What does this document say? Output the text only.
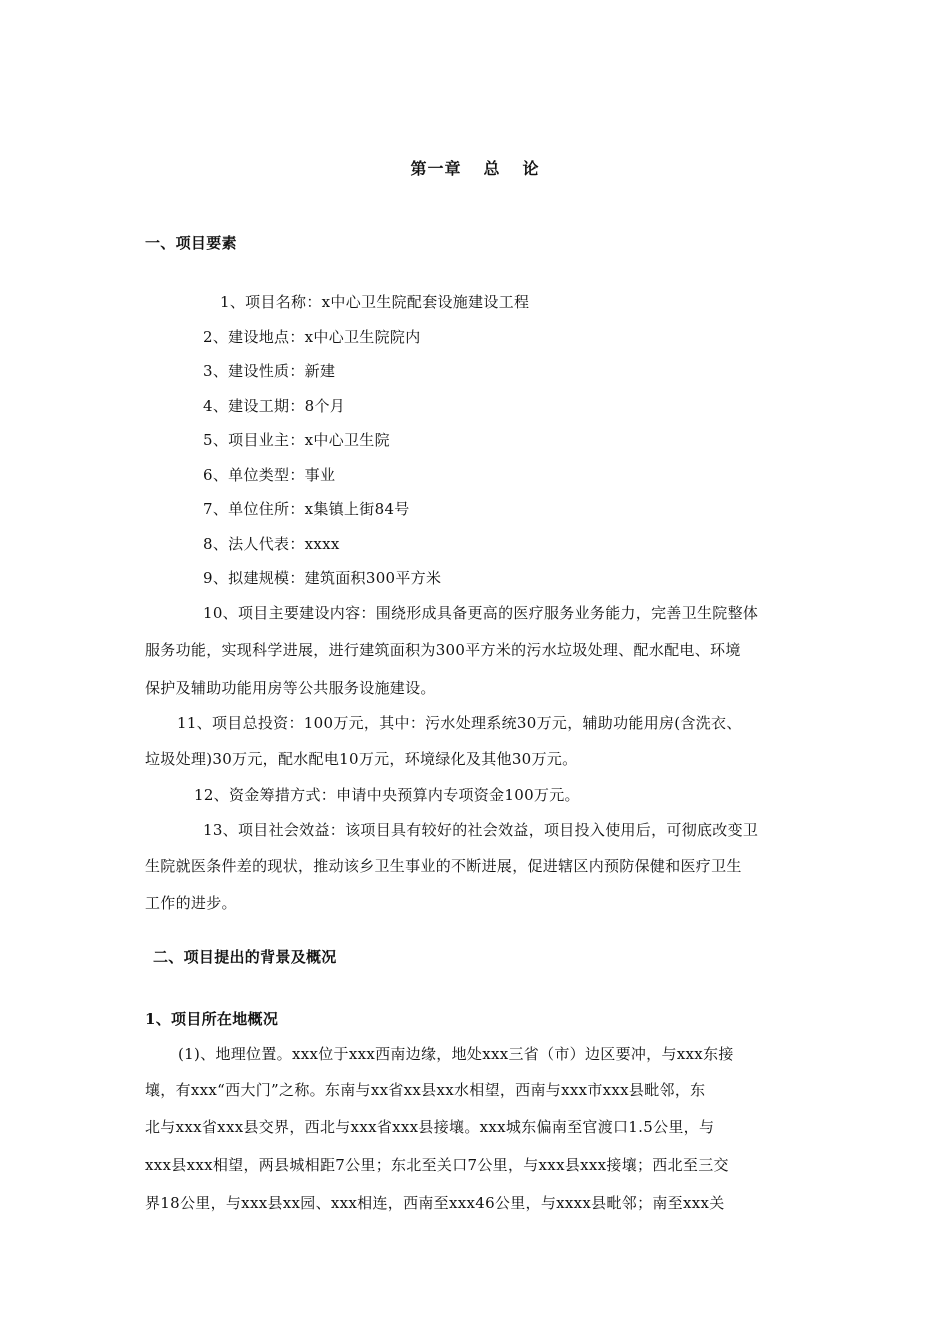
第一章 总 论
一、项目要素
1、项目名称：x中心卫生院配套设施建设工程
2、建设地点：x中心卫生院院内
3、建设性质：新建
4、建设工期：8个月
5、项目业主：x中心卫生院
6、单位类型：事业
7、单位住所：x集镇上街84号
8、法人代表：xxxx
9、拟建规模：建筑面积300平方米
10、项目主要建设内容：围绕形成具备更高的医疗服务业务能力，完善卫生院整体
服务功能，实现科学进展，进行建筑面积为300平方米的污水垃圾处理、配水配电、环境
保护及辅助功能用房等公共服务设施建设。
11、项目总投资：100万元，其中：污水处理系统30万元，辅助功能用房(含洗衣、
垃圾处理)30万元，配水配电10万元，环境绿化及其他30万元。
12、资金筹措方式：申请中央预算内专项资金100万元。
13、项目社会效益：该项目具有较好的社会效益，项目投入使用后，可彻底改变卫
生院就医条件差的现状，推动该乡卫生事业的不断进展，促进辖区内预防保健和医疗卫生
工作的进步。
二、项目提出的背景及概况
1、项目所在地概况
(1)、地理位置。xxx位于xxx西南边缘，地处xxx三省（市）边区要冲，与xxx东接
壤，有xxx“西大门”之称。东南与xx省xx县xx水相望，西南与xxx市xxx县毗邻，东
北与xxx省xxx县交界，西北与xxx省xxx县接壤。xxx城东偏南至官渡口1.5公里，与
xxx县xxx相望，两县城相距7公里；东北至关口7公里，与xxx县xxx接壤；西北至三交
界18公里，与xxx县xx园、xxx相连，西南至xxx46公里，与xxxx县毗邻；南至xxx关
